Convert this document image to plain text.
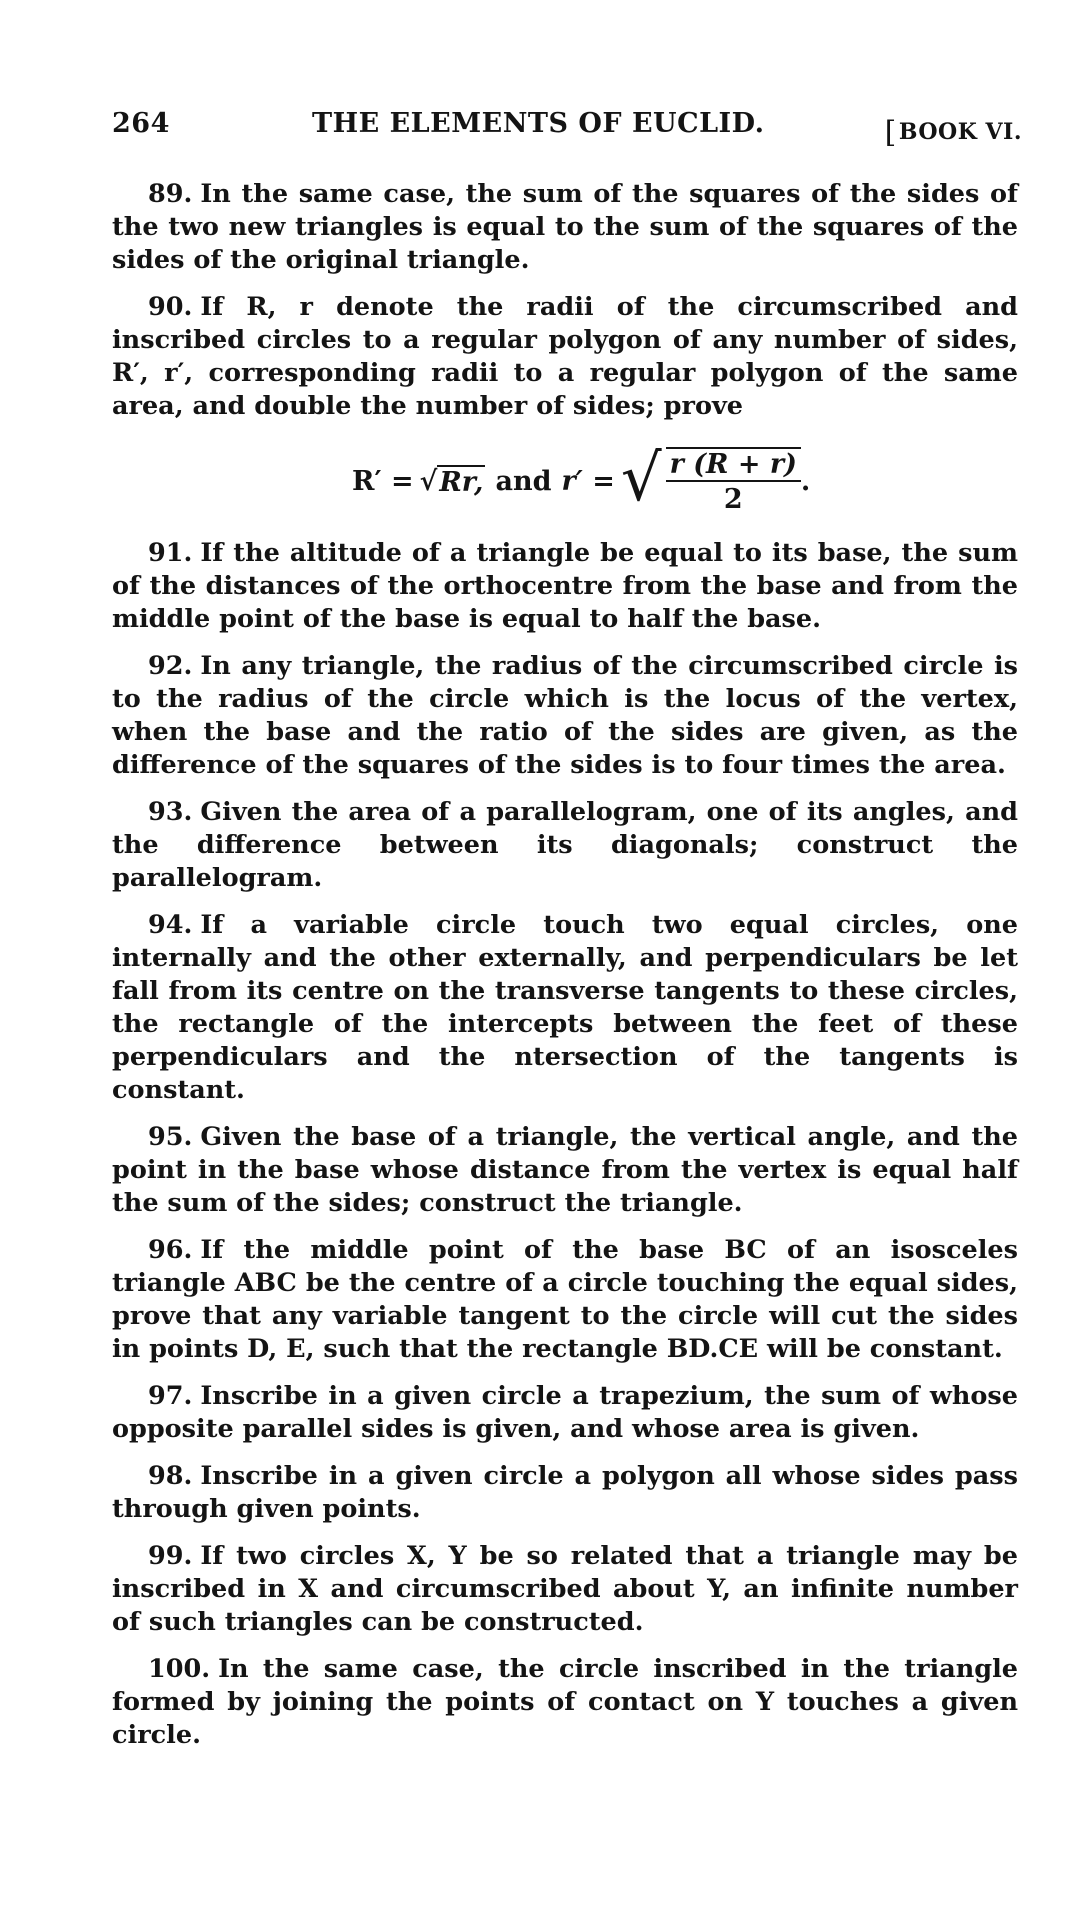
264	THE ELEMENTS OF EUCLID.	[BOOK VI.

89. In the same case, the sum of the squares of the sides of the two new triangles is equal to the sum of the squares of the sides of the original triangle.

90. If R, r denote the radii of the circumscribed and inscribed circles to a regular polygon of any number of sides, R′, r′, corresponding radii to a regular polygon of the same area, and double the number of sides; prove

R′ = √ Rr, and r′ = √ $\frac{r (R + r)}{2}$ .

91. If the altitude of a triangle be equal to its base, the sum of the distances of the orthocentre from the base and from the middle point of the base is equal to half the base.

92. In any triangle, the radius of the circumscribed circle is to the radius of the circle which is the locus of the vertex, when the base and the ratio of the sides are given, as the difference of the squares of the sides is to four times the area.

93. Given the area of a parallelogram, one of its angles, and the difference between its diagonals; construct the parallelogram.

94. If a variable circle touch two equal circles, one internally and the other externally, and perpendiculars be let fall from its centre on the transverse tangents to these circles, the rectangle of the intercepts between the feet of these perpendiculars and the ntersection of the tangents is constant.

95. Given the base of a triangle, the vertical angle, and the point in the base whose distance from the vertex is equal half the sum of the sides; construct the triangle.

96. If the middle point of the base BC of an isosceles triangle ABC be the centre of a circle touching the equal sides, prove that any variable tangent to the circle will cut the sides in points D, E, such that the rectangle BD.CE will be constant.

97. Inscribe in a given circle a trapezium, the sum of whose opposite parallel sides is given, and whose area is given.

98. Inscribe in a given circle a polygon all whose sides pass through given points.

99. If two circles X, Y be so related that a triangle may be inscribed in X and circumscribed about Y, an infinite number of such triangles can be constructed.

100. In the same case, the circle inscribed in the triangle formed by joining the points of contact on Y touches a given circle.
